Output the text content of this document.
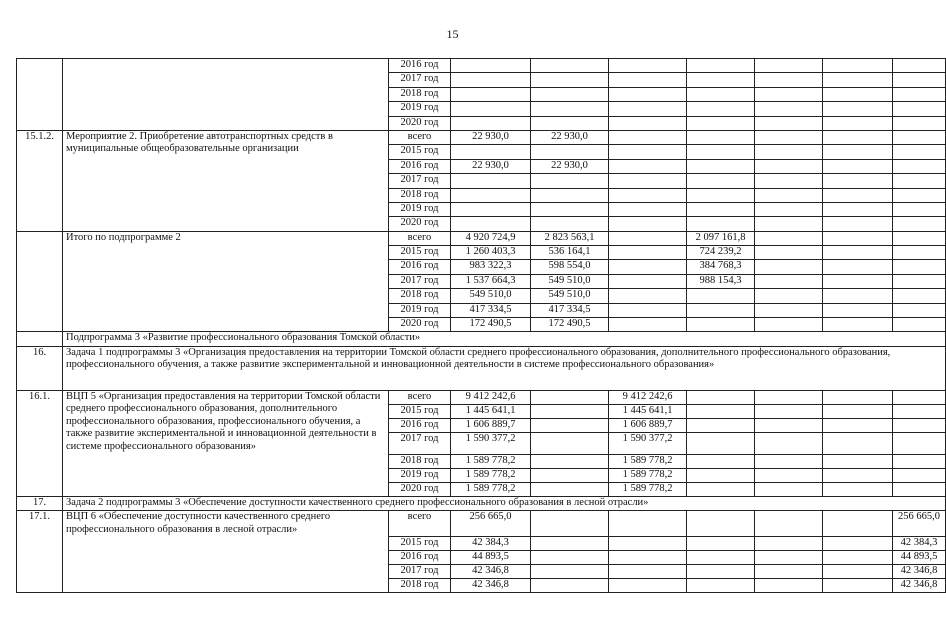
15
		2016 год							
		2017 год							
		2018 год							
		2019 год							
		2020 год							
15.1.2.	Мероприятие 2. Приобретение автотранспортных средств в муниципальные общеобразовательные организации	всего	22 930,0	22 930,0					
		2015 год							
		2016 год	22 930,0	22 930,0					
		2017 год							
		2018 год							
		2019 год							
		2020 год							
	Итого по подпрограмме 2	всего	4 920 724,9	2 823 563,1		2 097 161,8			
		2015 год	1 260 403,3	536 164,1		724 239,2			
		2016 год	983 322,3	598 554,0		384 768,3			
		2017 год	1 537 664,3	549 510,0		988 154,3			
		2018 год	549 510,0	549 510,0					
		2019 год	417 334,5	417 334,5					
		2020 год	172 490,5	172 490,5					
	Подпрограмма 3 «Развитие профессионального образования Томской области»								
16.	Задача 1 подпрограммы 3 «Организация предоставления на территории Томской области среднего профессионального образования, дополнительного профессионального образования, профессионального обучения, а также развитие экспериментальной и инновационной деятельности в системе профессионального образования»								
16.1.	ВЦП 5 «Организация предоставления на территории Томской области среднего профессионального образования, дополнительного профессионального образования, профессионального обучения, а также развитие экспериментальной и инновационной деятельности в системе профессионального образования»	всего	9 412 242,6		9 412 242,6				
		2015 год	1 445 641,1		1 445 641,1				
		2016 год	1 606 889,7		1 606 889,7				
		2017 год	1 590 377,2		1 590 377,2				
		2018 год	1 589 778,2		1 589 778,2				
		2019 год	1 589 778,2		1 589 778,2				
		2020 год	1 589 778,2		1 589 778,2				
17.	Задача 2 подпрограммы 3 «Обеспечение доступности качественного среднего профессионального образования в лесной отрасли»								
17.1.	ВЦП 6 «Обеспечение доступности качественного среднего профессионального образования в лесной отрасли»	всего	256 665,0						256 665,0
		2015 год	42 384,3						42 384,3
		2016 год	44 893,5						44 893,5
		2017 год	42 346,8						42 346,8
		2018 год	42 346,8						42 346,8
